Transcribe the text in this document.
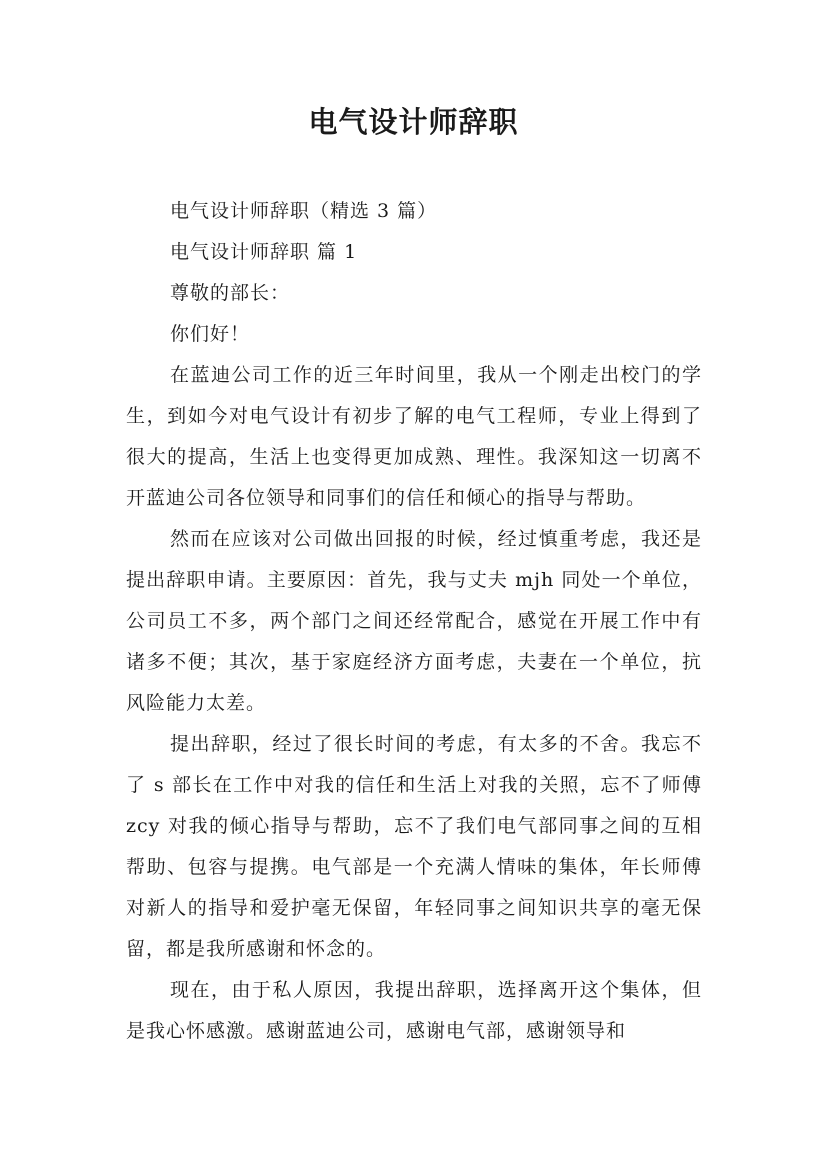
电气设计师辞职

电气设计师辞职（精选 3 篇）

电气设计师辞职 篇 1

尊敬的部长：

你们好！

在蓝迪公司工作的近三年时间里，我从一个刚走出校门的学生，到如今对电气设计有初步了解的电气工程师，专业上得到了很大的提高，生活上也变得更加成熟、理性。我深知这一切离不开蓝迪公司各位领导和同事们的信任和倾心的指导与帮助。

然而在应该对公司做出回报的时候，经过慎重考虑，我还是提出辞职申请。主要原因：首先，我与丈夫 mjh 同处一个单位，公司员工不多，两个部门之间还经常配合，感觉在开展工作中有诸多不便；其次，基于家庭经济方面考虑，夫妻在一个单位，抗风险能力太差。

提出辞职，经过了很长时间的考虑，有太多的不舍。我忘不了 s 部长在工作中对我的信任和生活上对我的关照，忘不了师傅 zcy 对我的倾心指导与帮助，忘不了我们电气部同事之间的互相帮助、包容与提携。电气部是一个充满人情味的集体，年长师傅对新人的指导和爱护毫无保留，年轻同事之间知识共享的毫无保留，都是我所感谢和怀念的。

现在，由于私人原因，我提出辞职，选择离开这个集体，但是我心怀感激。感谢蓝迪公司，感谢电气部，感谢领导和
